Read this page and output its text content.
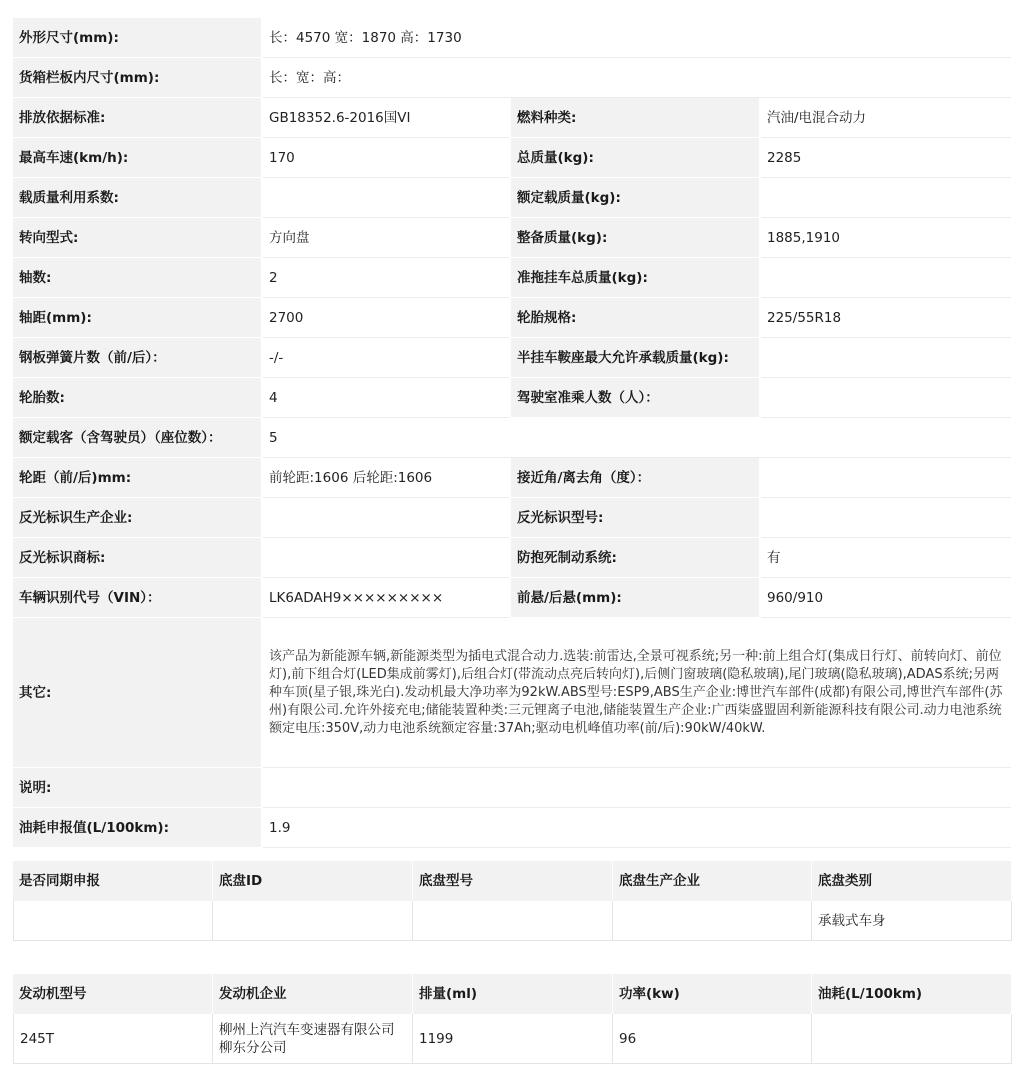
外形尺寸(mm):	长：4570 宽：1870 高：1730		
货箱栏板内尺寸(mm):	长：宽：高：		
排放依据标准:	GB18352.6-2016国VI	燃料种类:	汽油/电混合动力
最高车速(km/h):	170	总质量(kg):	2285
载质量利用系数:		额定载质量(kg):	
转向型式:	方向盘	整备质量(kg):	1885,1910
轴数:	2	准拖挂车总质量(kg):	
轴距(mm):	2700	轮胎规格:	225/55R18
钢板弹簧片数（前/后）：	-/-	半挂车鞍座最大允许承载质量(kg):	
轮胎数:	4	驾驶室准乘人数（人）：	
额定载客（含驾驶员）（座位数）：	5		
轮距（前/后)mm:	前轮距:1606 后轮距:1606	接近角/离去角（度）：	
反光标识生产企业:		反光标识型号:	
反光标识商标:		防抱死制动系统:	有
车辆识别代号（VIN）：	LK6ADAH9×××××××××	前悬/后悬(mm):	960/910
其它:	该产品为新能源车辆,新能源类型为插电式混合动力.选装:前雷达,全景可视系统;另一种:前上组合灯(集成日行灯、前转向灯、前位灯),前下组合灯(LED集成前雾灯),后组合灯(带流动点亮后转向灯),后侧门窗玻璃(隐私玻璃),尾门玻璃(隐私玻璃),ADAS系统;另两种车顶(星子银,珠光白).发动机最大净功率为92kW.ABS型号:ESP9,ABS生产企业:博世汽车部件(成都)有限公司,博世汽车部件(苏州)有限公司.允许外接充电;储能装置种类:三元锂离子电池,储能装置生产企业:广西柒盛盟固利新能源科技有限公司.动力电池系统额定电压:350V,动力电池系统额定容量:37Ah;驱动电机峰值功率(前/后):90kW/40kW.		
说明:			
油耗申报值(L/100km):	1.9		
是否同期申报	底盘ID	底盘型号	底盘生产企业	底盘类别
				承载式车身
发动机型号	发动机企业	排量(ml)	功率(kw)	油耗(L/100km)
245T	柳州上汽汽车变速器有限公司柳东分公司	1199	96	
